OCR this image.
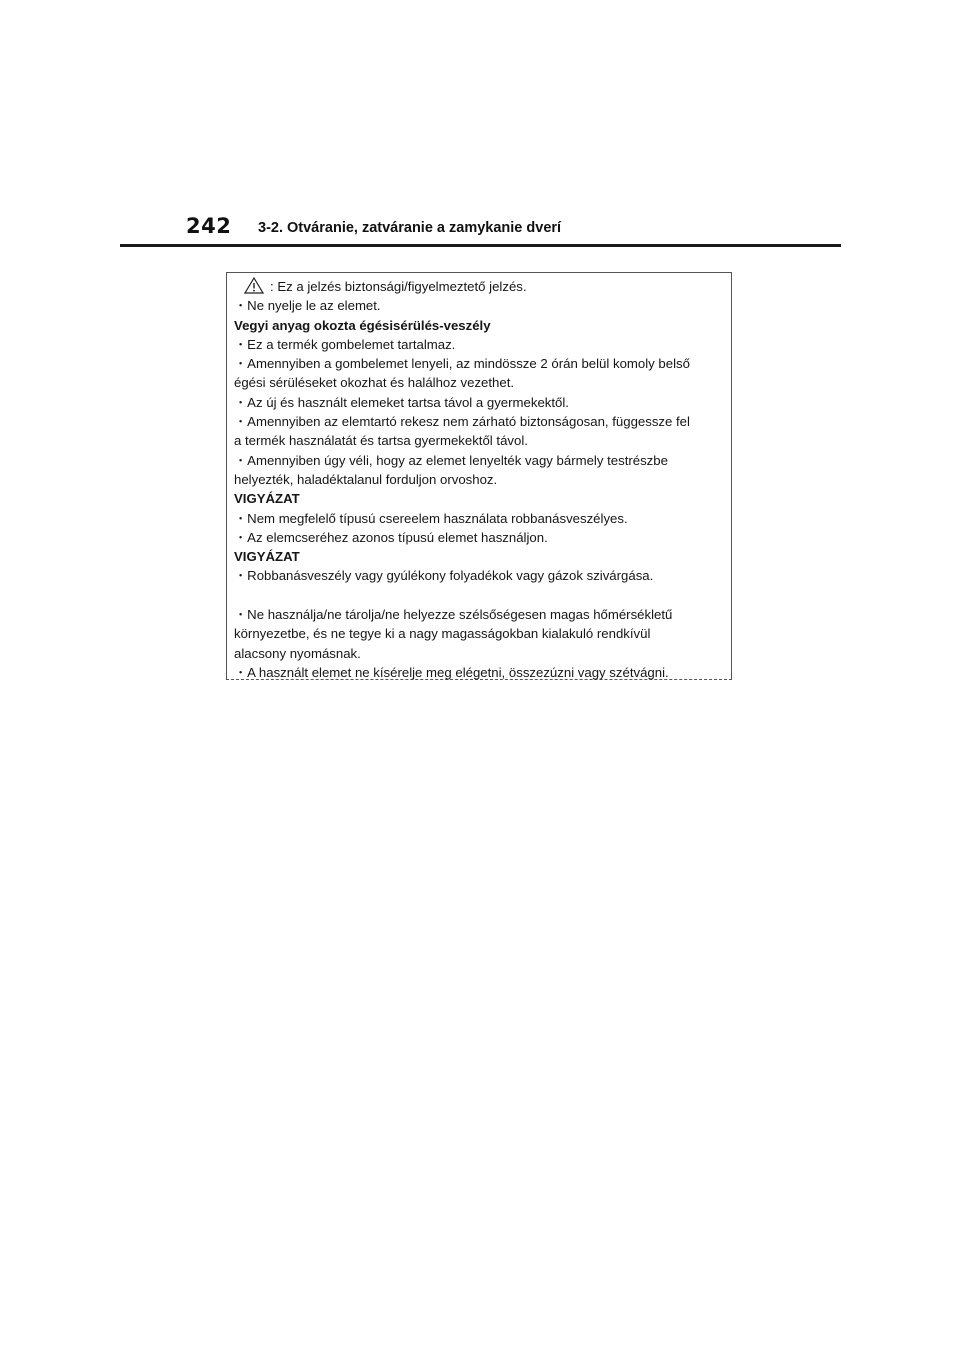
242 3-2. Otváranie, zatváranie a zamykanie dverí
: Ez a jelzés biztonsági/figyelmeztető jelzés.
・Ne nyelje le az elemet.
Vegyi anyag okozta égésisérülés-veszély
・Ez a termék gombelemet tartalmaz.
・Amennyiben a gombelemet lenyeli, az mindössze 2 órán belül komoly belső
égési sérüléseket okozhat és halálhoz vezethet.
・Az új és használt elemeket tartsa távol a gyermekektől.
・Amennyiben az elemtartó rekesz nem zárható biztonságosan, függessze fel
a termék használatát és tartsa gyermekektől távol.
・Amennyiben úgy véli, hogy az elemet lenyelték vagy bármely testrészbe
helyezték, haladéktalanul forduljon orvoshoz.
VIGYÁZAT
・Nem megfelelő típusú csereelem használata robbanásveszélyes.
・Az elemcseréhez azonos típusú elemet használjon.
VIGYÁZAT
・Robbanásveszély vagy gyúlékony folyadékok vagy gázok szivárgása.
・Ne használja/ne tárolja/ne helyezze szélsőségesen magas hőmérsékletű
környezetbe, és ne tegye ki a nagy magasságokban kialakuló rendkívül
alacsony nyomásnak.
・A használt elemet ne kísérelje meg elégetni, összezúzni vagy szétvágni.
